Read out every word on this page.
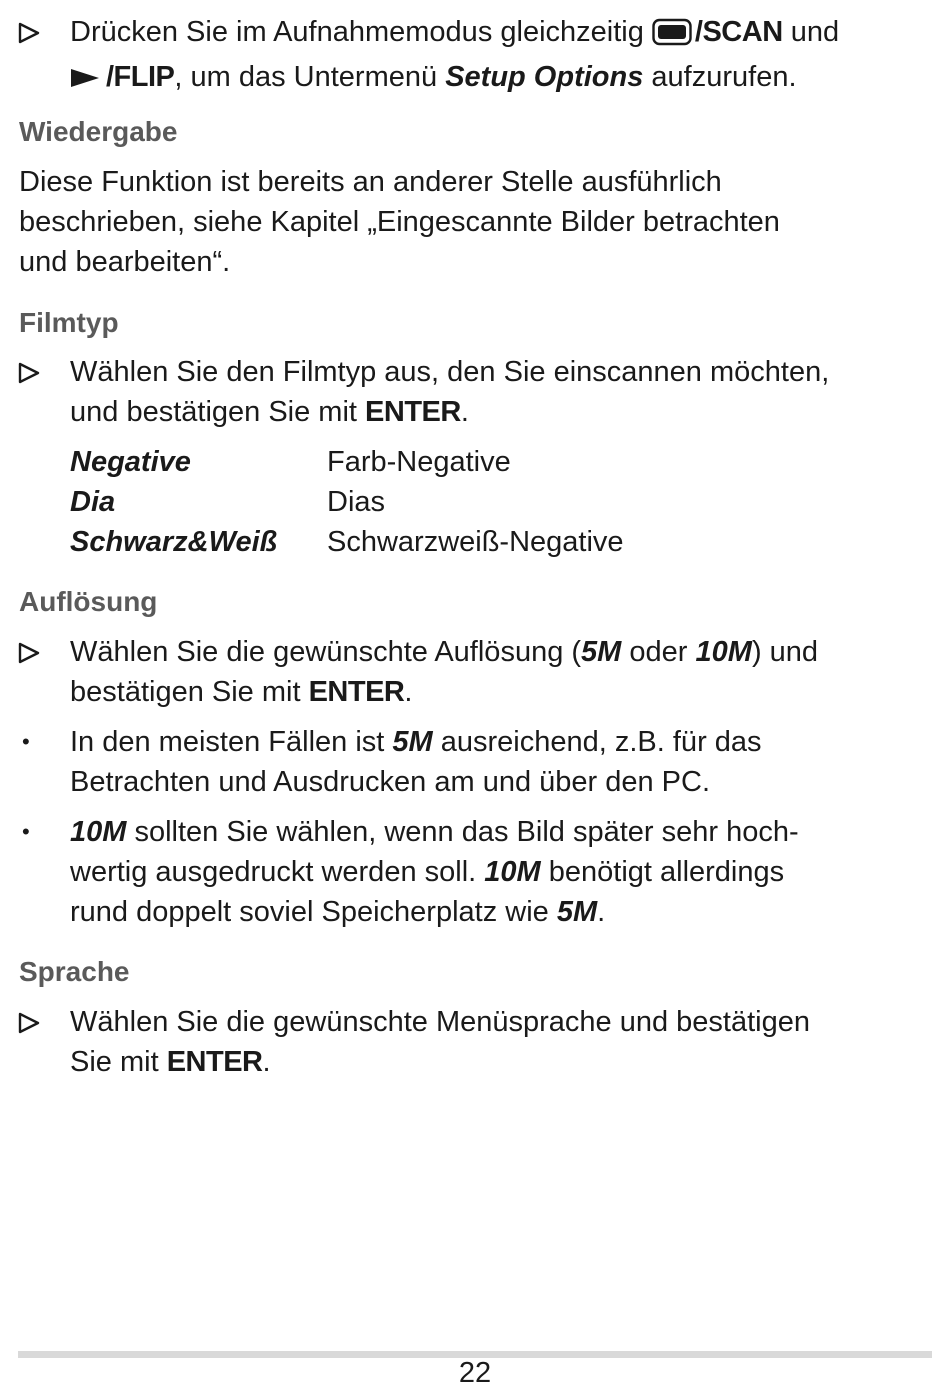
Drücken Sie im Aufnahmemodus gleichzeitig /SCAN und
/FLIP, um das Untermenü Setup Options aufzurufen.
Wiedergabe
Diese Funktion ist bereits an anderer Stelle ausführlich
beschrieben, siehe Kapitel „Eingescannte Bilder betrachten
und bearbeiten“.
Filmtyp
Wählen Sie den Filmtyp aus, den Sie einscannen möchten,
und bestätigen Sie mit ENTER.
Negative	Farb-Negative
Dia	Dias
Schwarz&Weiß Schwarzweiß-Negative
Auflösung
Wählen Sie die gewünschte Auflösung (5M oder 10M) und
bestätigen Sie mit ENTER.
• In den meisten Fällen ist 5M ausreichend, z.B. für das
Betrachten und Ausdrucken am und über den PC.
• 10M sollten Sie wählen, wenn das Bild später sehr hoch-
wertig ausgedruckt werden soll. 10M benötigt allerdings
rund doppelt soviel Speicherplatz wie 5M.
Sprache
Wählen Sie die gewünschte Menüsprache und bestätigen
Sie mit ENTER.
22
